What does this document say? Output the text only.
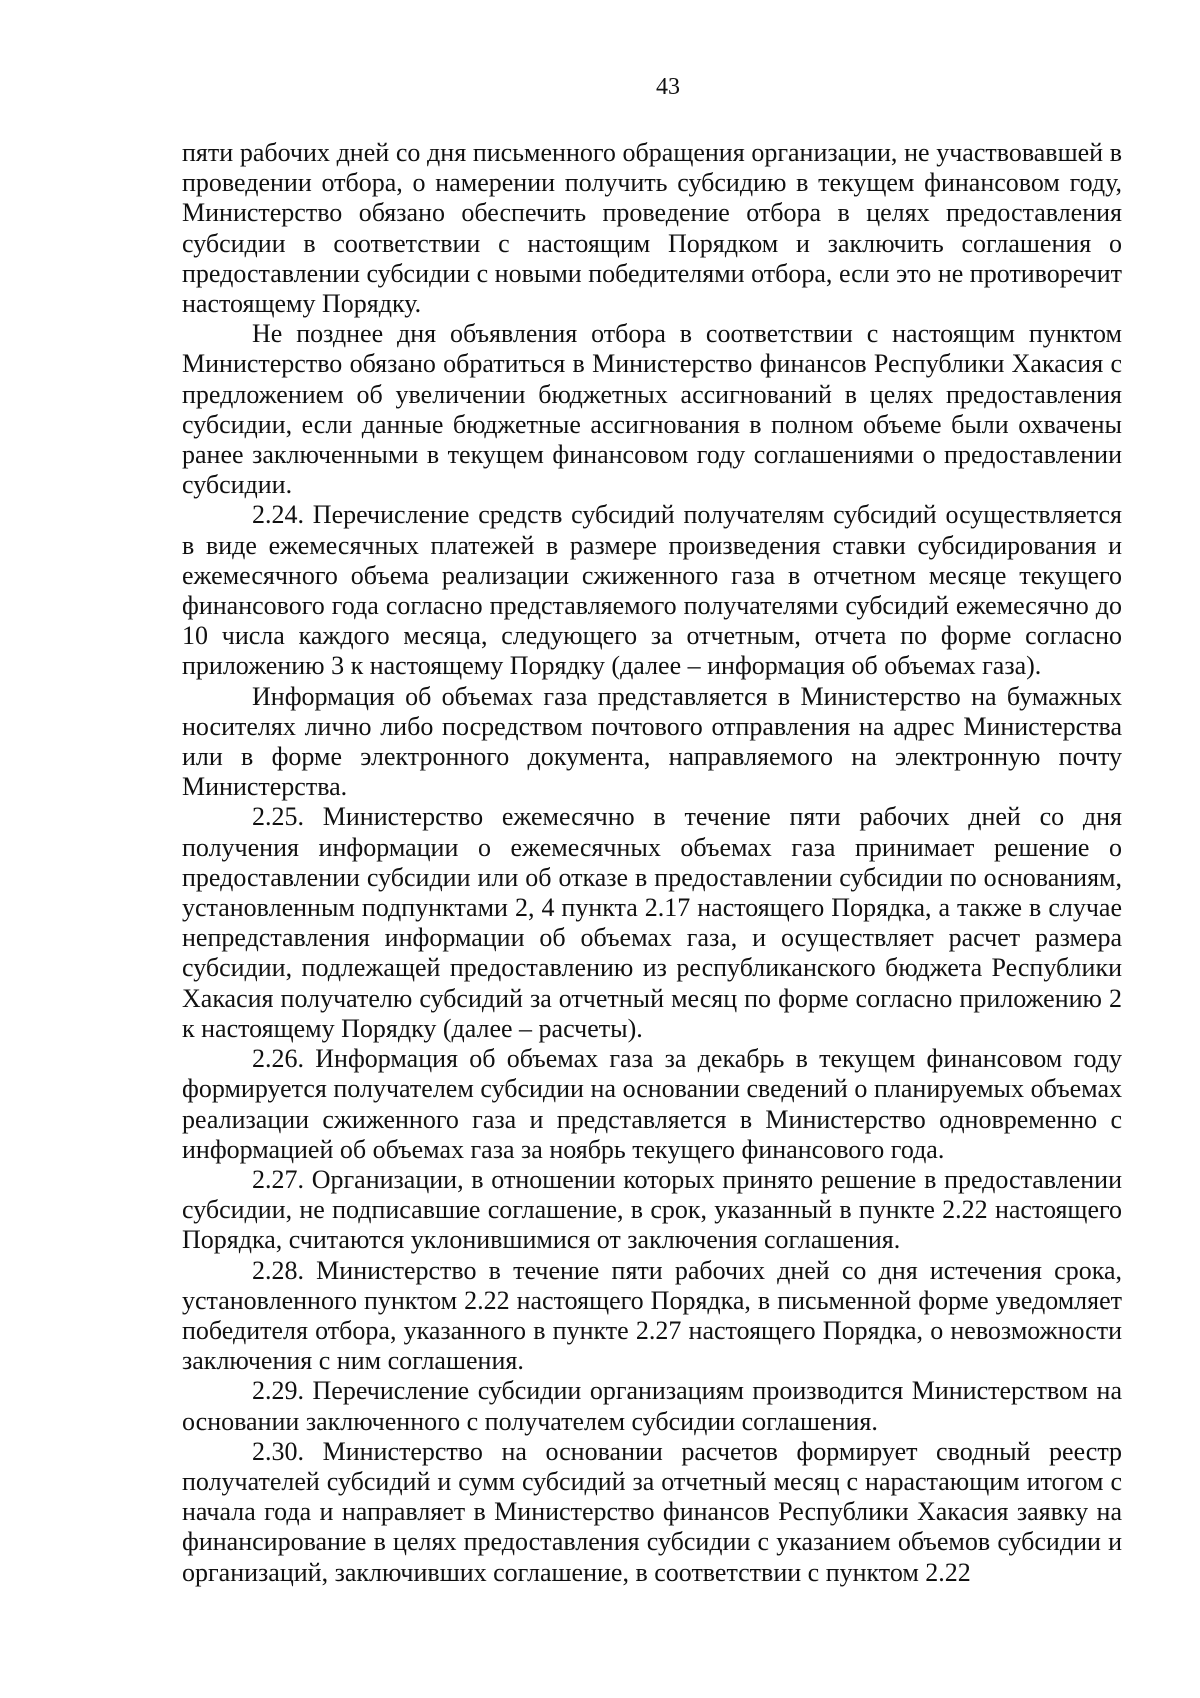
43

пяти рабочих дней со дня письменного обращения организации, не участвовавшей в проведении отбора, о намерении получить субсидию в текущем финансовом году, Министерство обязано обеспечить проведение отбора в целях предоставления субсидии в соответствии с настоящим Порядком и заключить соглашения о предоставлении субсидии с новыми победителями отбора, если это не противоречит настоящему Порядку.

Не позднее дня объявления отбора в соответствии с настоящим пунктом Министерство обязано обратиться в Министерство финансов Республики Хакасия с предложением об увеличении бюджетных ассигнований в целях предоставления субсидии, если данные бюджетные ассигнования в полном объеме были охвачены ранее заключенными в текущем финансовом году соглашениями о предоставлении субсидии.

2.24. Перечисление средств субсидий получателям субсидий осуществляется в виде ежемесячных платежей в размере произведения ставки субсидирования и ежемесячного объема реализации сжиженного газа в отчетном месяце текущего финансового года согласно представляемого получателями субсидий ежемесячно до 10 числа каждого месяца, следующего за отчетным, отчета по форме согласно приложению 3 к настоящему Порядку (далее – информация об объемах газа).

Информация об объемах газа представляется в Министерство на бумажных носителях лично либо посредством почтового отправления на адрес Министерства или в форме электронного документа, направляемого на электронную почту Министерства.

2.25. Министерство ежемесячно в течение пяти рабочих дней со дня получения информации о ежемесячных объемах газа принимает решение о предоставлении субсидии или об отказе в предоставлении субсидии по основаниям, установленным подпунктами 2, 4 пункта 2.17 настоящего Порядка, а также в случае непредставления информации об объемах газа, и осуществляет расчет размера субсидии, подлежащей предоставлению из республиканского бюджета Республики Хакасия получателю субсидий за отчетный месяц по форме согласно приложению 2 к настоящему Порядку (далее – расчеты).

2.26. Информация об объемах газа за декабрь в текущем финансовом году формируется получателем субсидии на основании сведений о планируемых объемах реализации сжиженного газа и представляется в Министерство одновременно с информацией об объемах газа за ноябрь текущего финансового года.

2.27. Организации, в отношении которых принято решение в предоставлении субсидии, не подписавшие соглашение, в срок, указанный в пункте 2.22 настоящего Порядка, считаются уклонившимися от заключения соглашения.

2.28. Министерство в течение пяти рабочих дней со дня истечения срока, установленного пунктом 2.22 настоящего Порядка, в письменной форме уведомляет победителя отбора, указанного в пункте 2.27 настоящего Порядка, о невозможности заключения с ним соглашения.

2.29. Перечисление субсидии организациям производится Министерством на основании заключенного с получателем субсидии соглашения.

2.30. Министерство на основании расчетов формирует сводный реестр получателей субсидий и сумм субсидий за отчетный месяц с нарастающим итогом с начала года и направляет в Министерство финансов Республики Хакасия заявку на финансирование в целях предоставления субсидии с указанием объемов субсидии и организаций, заключивших соглашение, в соответствии с пунктом 2.22
